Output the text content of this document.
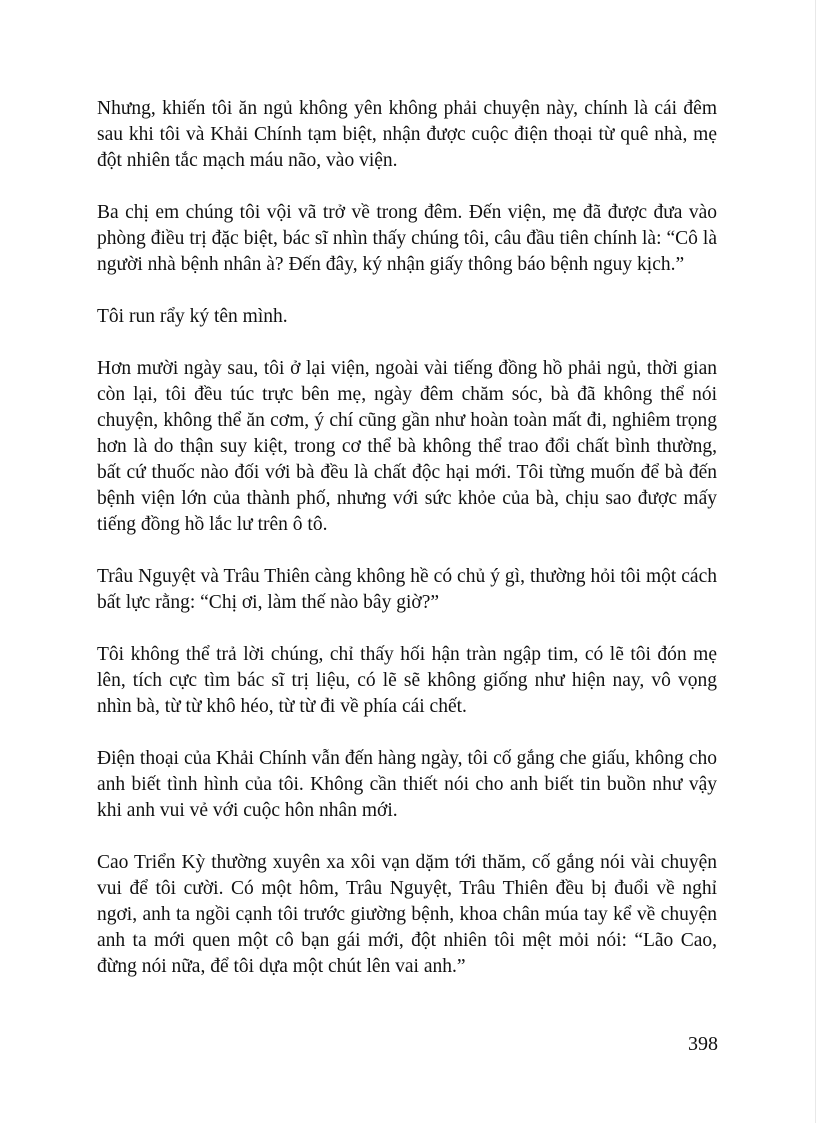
Nhưng, khiến tôi ăn ngủ không yên không phải chuyện này, chính là cái đêm sau khi tôi và Khải Chính tạm biệt, nhận được cuộc điện thoại từ quê nhà, mẹ đột nhiên tắc mạch máu não, vào viện.

Ba chị em chúng tôi vội vã trở về trong đêm. Đến viện, mẹ đã được đưa vào phòng điều trị đặc biệt, bác sĩ nhìn thấy chúng tôi, câu đầu tiên chính là: “Cô là người nhà bệnh nhân à? Đến đây, ký nhận giấy thông báo bệnh nguy kịch.”

Tôi run rẩy ký tên mình.

Hơn mười ngày sau, tôi ở lại viện, ngoài vài tiếng đồng hồ phải ngủ, thời gian còn lại, tôi đều túc trực bên mẹ, ngày đêm chăm sóc, bà đã không thể nói chuyện, không thể ăn cơm, ý chí cũng gần như hoàn toàn mất đi, nghiêm trọng hơn là do thận suy kiệt, trong cơ thể bà không thể trao đổi chất bình thường, bất cứ thuốc nào đối với bà đều là chất độc hại mới. Tôi từng muốn để bà đến bệnh viện lớn của thành phố, nhưng với sức khỏe của bà, chịu sao được mấy tiếng đồng hồ lắc lư trên ô tô.

Trâu Nguyệt và Trâu Thiên càng không hề có chủ ý gì, thường hỏi tôi một cách bất lực rằng: “Chị ơi, làm thế nào bây giờ?”

Tôi không thể trả lời chúng, chỉ thấy hối hận tràn ngập tim, có lẽ tôi đón mẹ lên, tích cực tìm bác sĩ trị liệu, có lẽ sẽ không giống như hiện nay, vô vọng nhìn bà, từ từ khô héo, từ từ đi về phía cái chết.

Điện thoại của Khải Chính vẫn đến hàng ngày, tôi cố gắng che giấu, không cho anh biết tình hình của tôi. Không cần thiết nói cho anh biết tin buồn như vậy khi anh vui vẻ với cuộc hôn nhân mới.

Cao Triển Kỳ thường xuyên xa xôi vạn dặm tới thăm, cố gắng nói vài chuyện vui để tôi cười. Có một hôm, Trâu Nguyệt, Trâu Thiên đều bị đuổi về nghỉ ngơi, anh ta ngồi cạnh tôi trước giường bệnh, khoa chân múa tay kể về chuyện anh ta mới quen một cô bạn gái mới, đột nhiên tôi mệt mỏi nói: “Lão Cao, đừng nói nữa, để tôi dựa một chút lên vai anh.”

398
